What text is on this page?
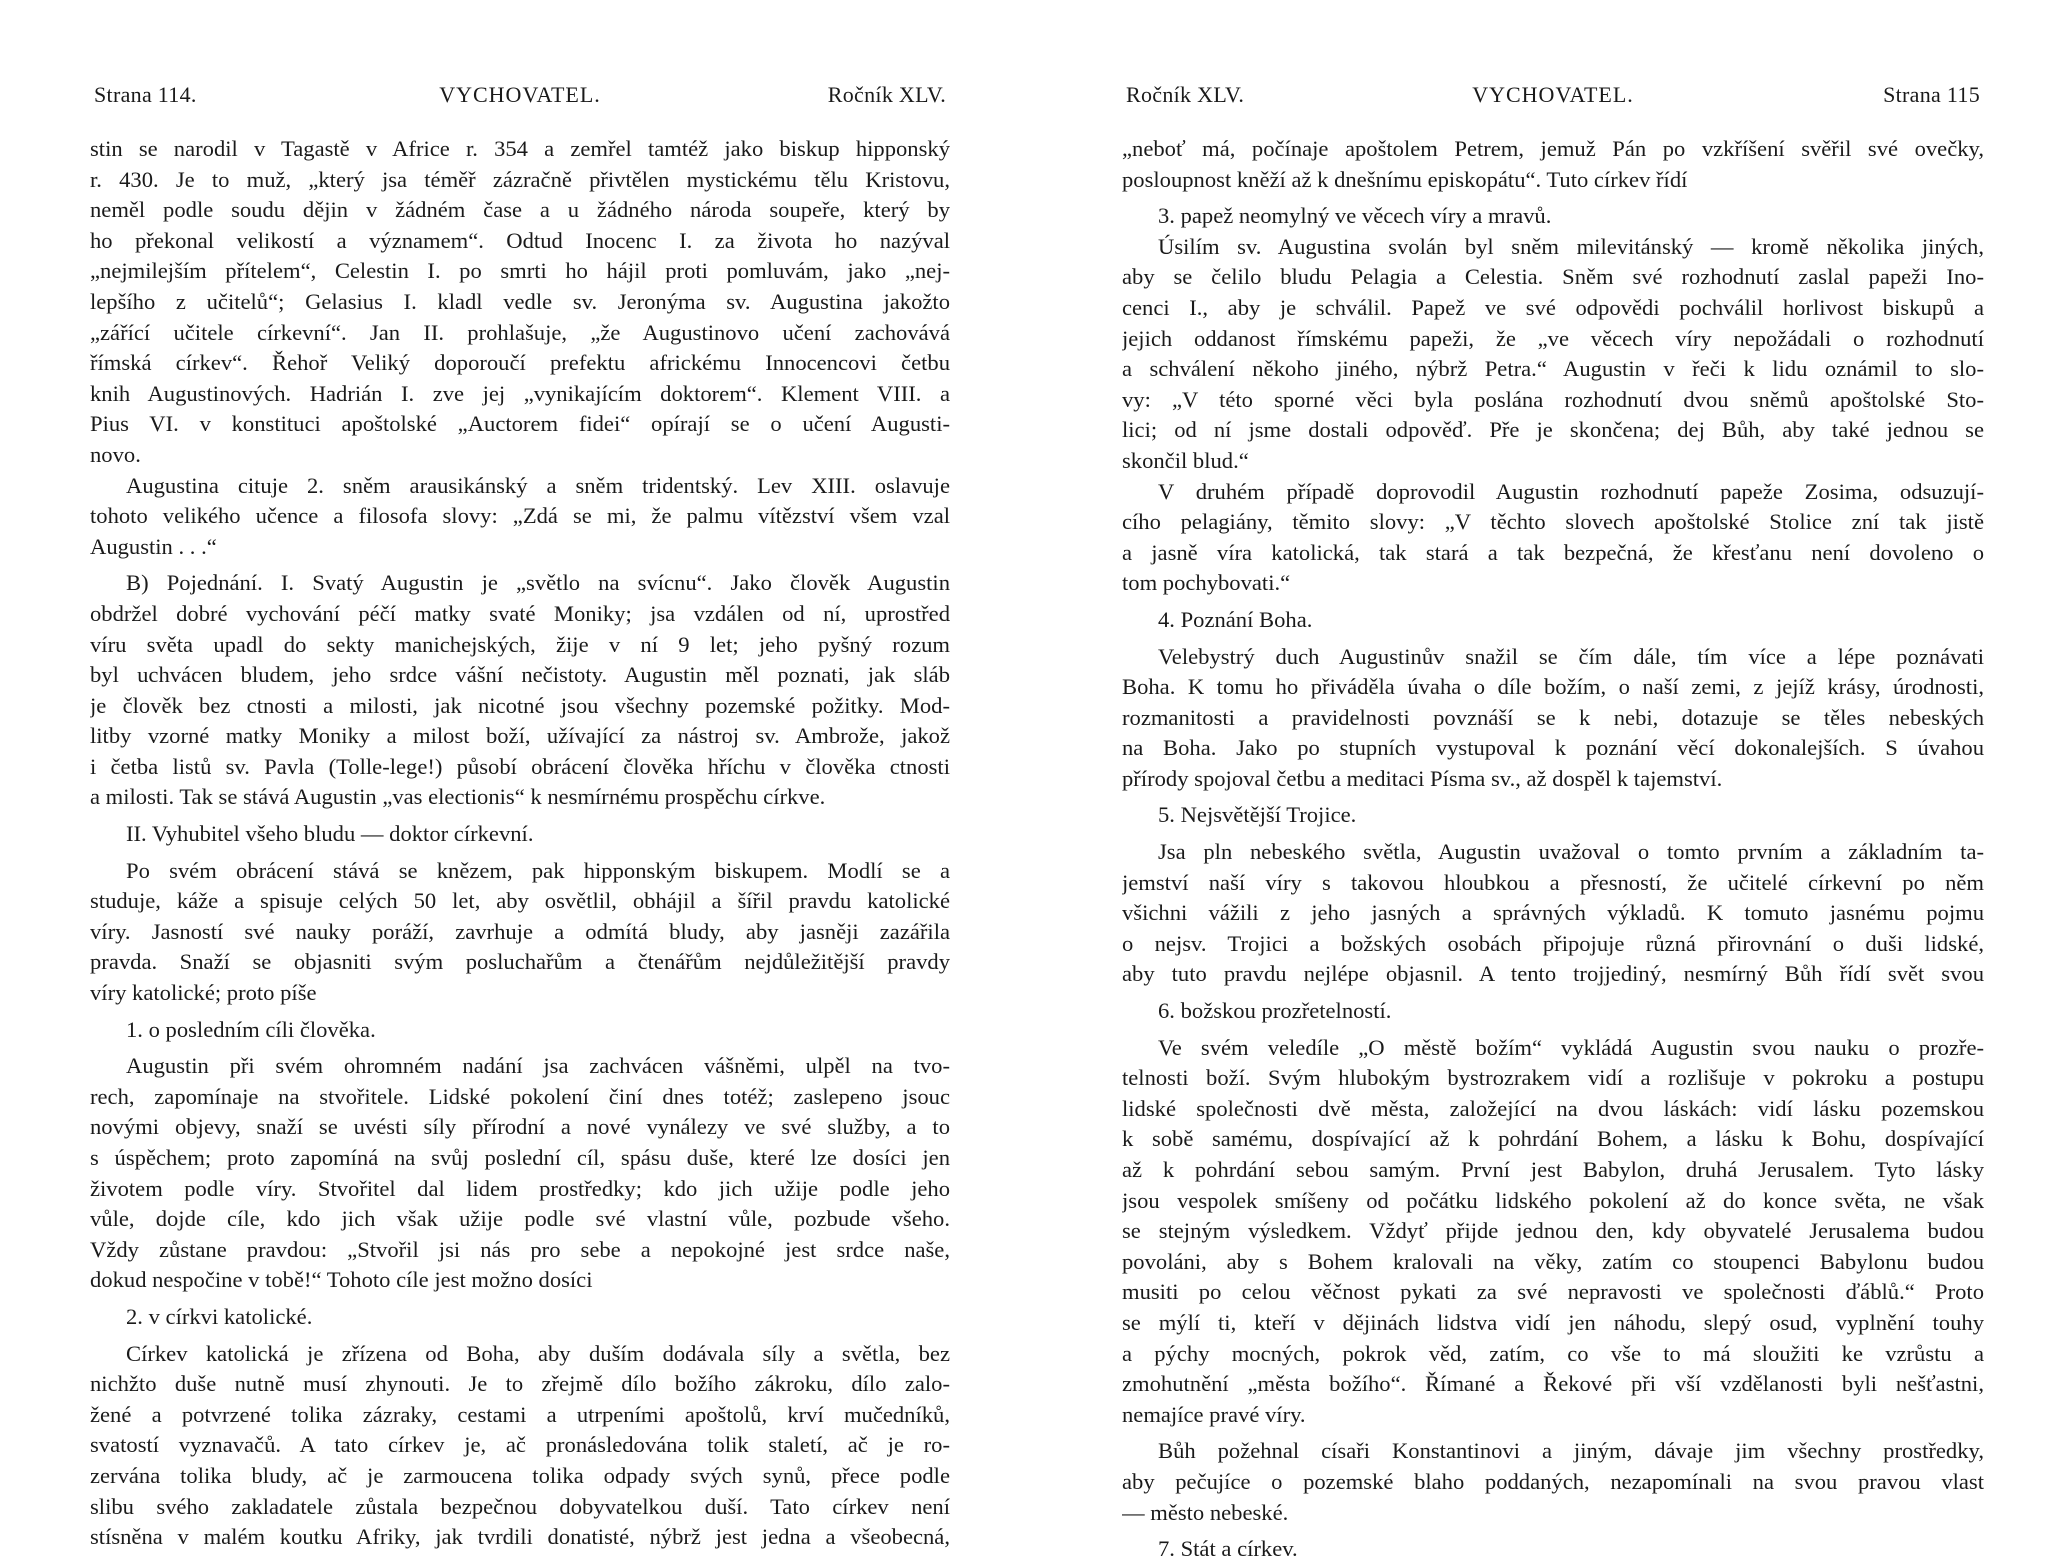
Strana 114.	VYCHOVATEL.	Ročník XLV.
stin se narodil v Tagastě v Africe r. 354 a zemřel tamtéž jako biskup hipponský
r. 430. Je to muž, „který jsa téměř zázračně přivtělen mystickému tělu Kristovu,
neměl podle soudu dějin v žádném čase a u žádného národa soupeře, který by
ho překonal velikostí a významem“. Odtud Inocenc I. za života ho nazýval
„nejmilejším přítelem“, Celestin I. po smrti ho hájil proti pomluvám, jako „nej-
lepšího z učitelů“; Gelasius I. kladl vedle sv. Jeronýma sv. Augustina jakožto
„zářící učitele církevní“. Jan II. prohlašuje, „že Augustinovo učení zachovává
římská církev“. Řehoř Veliký doporoučí prefektu africkému Innocencovi četbu
knih Augustinových. Hadrián I. zve jej „vynikajícím doktorem“. Klement VIII. a
Pius VI. v konstituci apoštolské „Auctorem fidei“ opírají se o učení Augusti-
novo.
Augustina cituje 2. sněm arausikánský a sněm tridentský. Lev XIII. oslavuje
tohoto velikého učence a filosofa slovy: „Zdá se mi, že palmu vítězství všem vzal
Augustin . . .“
B) Pojednání. I. Svatý Augustin je „světlo na svícnu“. Jako člověk Augustin
obdržel dobré vychování péčí matky svaté Moniky; jsa vzdálen od ní, uprostřed
víru světa upadl do sekty manichejských, žije v ní 9 let; jeho pyšný rozum
byl uchvácen bludem, jeho srdce vášní nečistoty. Augustin měl poznati, jak sláb
je člověk bez ctnosti a milosti, jak nicotné jsou všechny pozemské požitky. Mod-
litby vzorné matky Moniky a milost boží, užívající za nástroj sv. Ambrože, jakož
i četba listů sv. Pavla (Tolle-lege!) působí obrácení člověka hříchu v člověka ctnosti
a milosti. Tak se stává Augustin „vas electionis“ k nesmírnému prospěchu církve.
II. Vyhubitel všeho bludu — doktor církevní.
Po svém obrácení stává se knězem, pak hipponským biskupem. Modlí se a
studuje, káže a spisuje celých 50 let, aby osvětlil, obhájil a šířil pravdu katolické
víry. Jasností své nauky poráží, zavrhuje a odmítá bludy, aby jasněji zazářila
pravda. Snaží se objasniti svým posluchařům a čtenářům nejdůležitější pravdy
víry katolické; proto píše
1. o posledním cíli člověka.
Augustin při svém ohromném nadání jsa zachvácen vášněmi, ulpěl na tvo-
rech, zapomínaje na stvořitele. Lidské pokolení činí dnes totéž; zaslepeno jsouc
novými objevy, snaží se uvésti síly přírodní a nové vynálezy ve své služby, a to
s úspěchem; proto zapomíná na svůj poslední cíl, spásu duše, které lze dosíci jen
životem podle víry. Stvořitel dal lidem prostředky; kdo jich užije podle jeho
vůle, dojde cíle, kdo jich však užije podle své vlastní vůle, pozbude všeho.
Vždy zůstane pravdou: „Stvořil jsi nás pro sebe a nepokojné jest srdce naše,
dokud nespočine v tobě!“ Tohoto cíle jest možno dosíci
2. v církvi katolické.
Církev katolická je zřízena od Boha, aby duším dodávala síly a světla, bez
nichžto duše nutně musí zhynouti. Je to zřejmě dílo božího zákroku, dílo zalo-
žené a potvrzené tolika zázraky, cestami a utrpeními apoštolů, krví mučedníků,
svatostí vyznavačů. A tato církev je, ač pronásledována tolik staletí, ač je ro-
zervána tolika bludy, ač je zarmoucena tolika odpady svých synů, přece podle
slibu svého zakladatele zůstala bezpečnou dobyvatelkou duší. Tato církev není
stísněna v malém koutku Afriky, jak tvrdili donatisté, nýbrž jest jedna a všeobecná,
Ročník XLV.	VYCHOVATEL.	Strana 115
„neboť má, počínaje apoštolem Petrem, jemuž Pán po vzkříšení svěřil své ovečky,
posloupnost kněží až k dnešnímu episkopátu“. Tuto církev řídí
3. papež neomylný ve věcech víry a mravů.
Úsilím sv. Augustina svolán byl sněm milevitánský — kromě několika jiných,
aby se čelilo bludu Pelagia a Celestia. Sněm své rozhodnutí zaslal papeži Ino-
cenci I., aby je schválil. Papež ve své odpovědi pochválil horlivost biskupů a
jejich oddanost římskému papeži, že „ve věcech víry nepožádali o rozhodnutí
a schválení někoho jiného, nýbrž Petra.“ Augustin v řeči k lidu oznámil to slo-
vy: „V této sporné věci byla poslána rozhodnutí dvou sněmů apoštolské Sto-
lici; od ní jsme dostali odpověď. Pře je skončena; dej Bůh, aby také jednou se
skončil blud.“
V druhém případě doprovodil Augustin rozhodnutí papeže Zosima, odsuzují-
cího pelagiány, těmito slovy: „V těchto slovech apoštolské Stolice zní tak jistě
a jasně víra katolická, tak stará a tak bezpečná, že křesťanu není dovoleno o
tom pochybovati.“
4. Poznání Boha.
Velebystrý duch Augustinův snažil se čím dále, tím více a lépe poznávati
Boha. K tomu ho přiváděla úvaha o díle božím, o naší zemi, z jejíž krásy, úrodnosti,
rozmanitosti a pravidelnosti povznáší se k nebi, dotazuje se těles nebeských
na Boha. Jako po stupních vystupoval k poznání věcí dokonalejších. S úvahou
přírody spojoval četbu a meditaci Písma sv., až dospěl k tajemství.
5. Nejsvětější Trojice.
Jsa pln nebeského světla, Augustin uvažoval o tomto prvním a základním ta-
jemství naší víry s takovou hloubkou a přesností, že učitelé církevní po něm
všichni vážili z jeho jasných a správných výkladů. K tomuto jasnému pojmu
o nejsv. Trojici a božských osobách připojuje různá přirovnání o duši lidské,
aby tuto pravdu nejlépe objasnil. A tento trojjediný, nesmírný Bůh řídí svět svou
6. božskou prozřetelností.
Ve svém veledíle „O městě božím“ vykládá Augustin svou nauku o prozře-
telnosti boží. Svým hlubokým bystrozrakem vidí a rozlišuje v pokroku a postupu
lidské společnosti dvě města, založející na dvou láskách: vidí lásku pozemskou
k sobě samému, dospívající až k pohrdání Bohem, a lásku k Bohu, dospívající
až k pohrdání sebou samým. První jest Babylon, druhá Jerusalem. Tyto lásky
jsou vespolek smíšeny od počátku lidského pokolení až do konce světa, ne však
se stejným výsledkem. Vždyť přijde jednou den, kdy obyvatelé Jerusalema budou
povoláni, aby s Bohem kralovali na věky, zatím co stoupenci Babylonu budou
musiti po celou věčnost pykati za své nepravosti ve společnosti ďáblů.“ Proto
se mýlí ti, kteří v dějinách lidstva vidí jen náhodu, slepý osud, vyplnění touhy
a pýchy mocných, pokrok věd, zatím, co vše to má sloužiti ke vzrůstu a
zmohutnění „města božího“. Římané a Řekové při vší vzdělanosti byli nešťastni,
nemajíce pravé víry.
Bůh požehnal císaři Konstantinovi a jiným, dávaje jim všechny prostředky,
aby pečujíce o pozemské blaho poddaných, nezapomínali na svou pravou vlast
— město nebeské.
7. Stát a církev.
